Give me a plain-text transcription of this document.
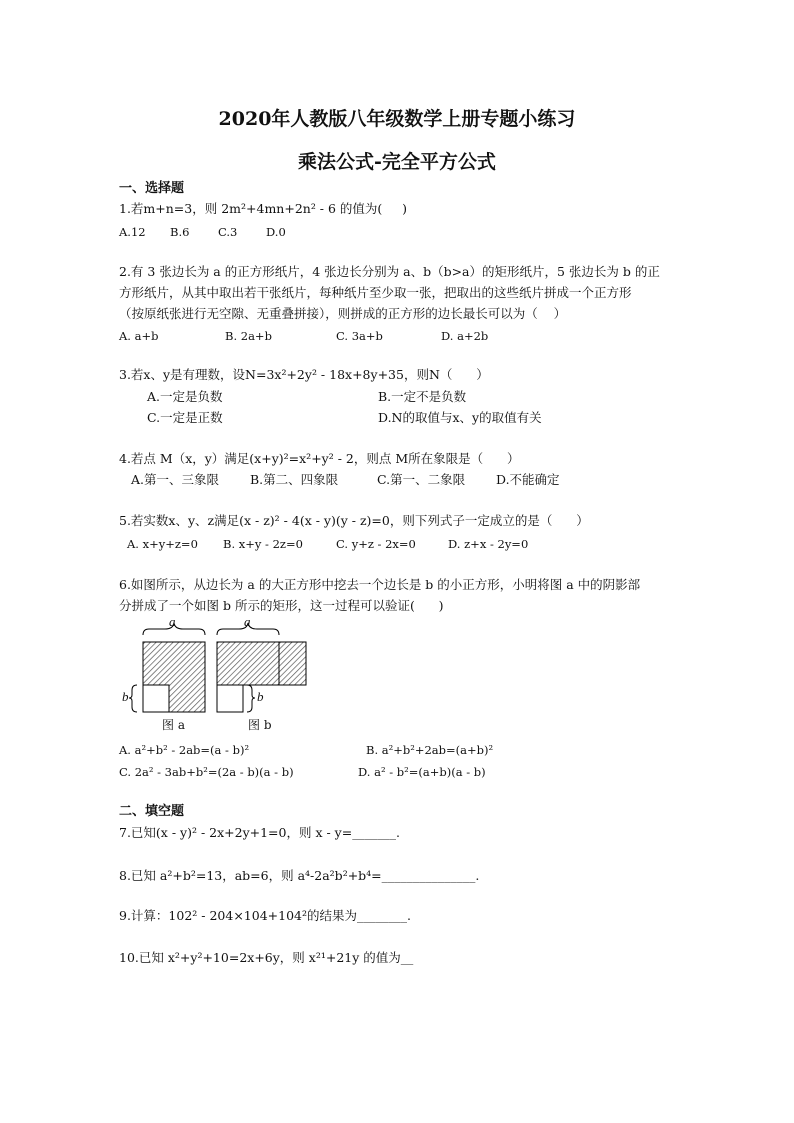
2020年人教版八年级数学上册专题小练习
乘法公式-完全平方公式
一、选择题
1.若m+n=3，则 2m²+4mn+2n² - 6 的值为(     )
A.12 B.6 C.3 D.0
2.有 3 张边长为 a 的正方形纸片，4 张边长分别为 a、b（b>a）的矩形纸片，5 张边长为 b 的正
方形纸片，从其中取出若干张纸片，每种纸片至少取一张，把取出的这些纸片拼成一个正方形
（按原纸张进行无空隙、无重叠拼接），则拼成的正方形的边长最长可以为（    ）
A. a+b	B. 2a+b	C. 3a+b	D. a+2b
3.若x、y是有理数，设N=3x²+2y² - 18x+8y+35，则N（      ）
A.一定是负数	B.一定不是负数
C.一定是正数	D.N的取值与x、y的取值有关
4.若点 M（x，y）满足(x+y)²=x²+y² - 2，则点 M所在象限是（      ）
A.第一、三象限 B.第二、四象限	C.第一、二象限 D.不能确定
5.若实数x、y、z满足(x - z)² - 4(x - y)(y - z)=0，则下列式子一定成立的是（      ）
A. x+y+z=0 B. x+y - 2z=0	C. y+z - 2x=0	D. z+x - 2y=0
6.如图所示，从边长为 a 的大正方形中挖去一个边长是 b 的小正方形，小明将图 a 中的阴影部
分拼成了一个如图 b 所示的矩形，这一过程可以验证(      )
a	a
b	b
图 a	图 b
A. a²+b² - 2ab=(a - b)²	B. a²+b²+2ab=(a+b)²
C. 2a² - 3ab+b²=(2a - b)(a - b)	D. a² - b²=(a+b)(a - b)
二、填空题
7.已知(x - y)² - 2x+2y+1=0，则 x - y=_______.
8.已知 a²+b²=13，ab=6，则 a⁴-2a²b²+b⁴=_______________.
9.计算：102² - 204×104+104²的结果为________.
10.已知 x²+y²+10=2x+6y，则 x²¹+21y 的值为__
